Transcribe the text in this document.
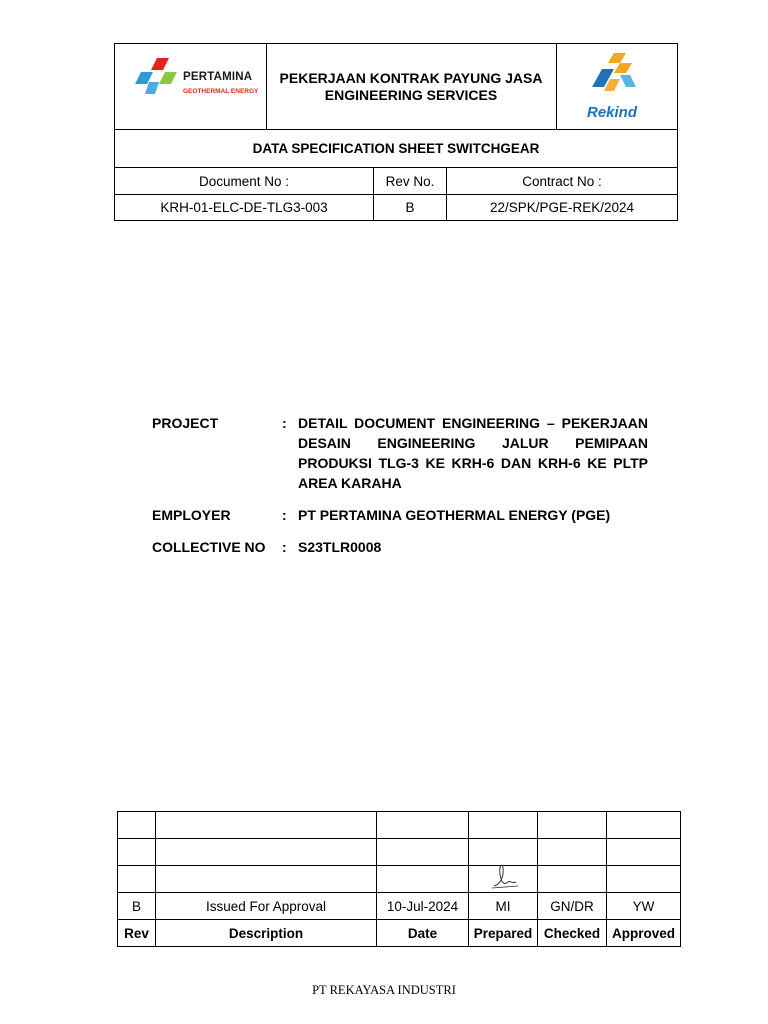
PERTAMINA
GEOTHERMAL ENERGY
PEKERJAAN KONTRAK PAYUNG JASA ENGINEERING SERVICES
Rekind
DATA SPECIFICATION SHEET SWITCHGEAR
Document No :	Rev No.	Contract No :
KRH-01-ELC-DE-TLG3-003	B	22/SPK/PGE-REK/2024
PROJECT	: DETAIL DOCUMENT ENGINEERING – PEKERJAAN DESAIN ENGINEERING JALUR PEMIPAAN PRODUKSI TLG-3 KE KRH-6 DAN KRH-6 KE PLTP AREA KARAHA
EMPLOYER	: PT PERTAMINA GEOTHERMAL ENERGY (PGE)
COLLECTIVE NO	: S23TLR0008

B	Issued For Approval	10-Jul-2024	MI	GN/DR	YW
Rev	Description	Date	Prepared	Checked	Approved
PT REKAYASA INDUSTRI
